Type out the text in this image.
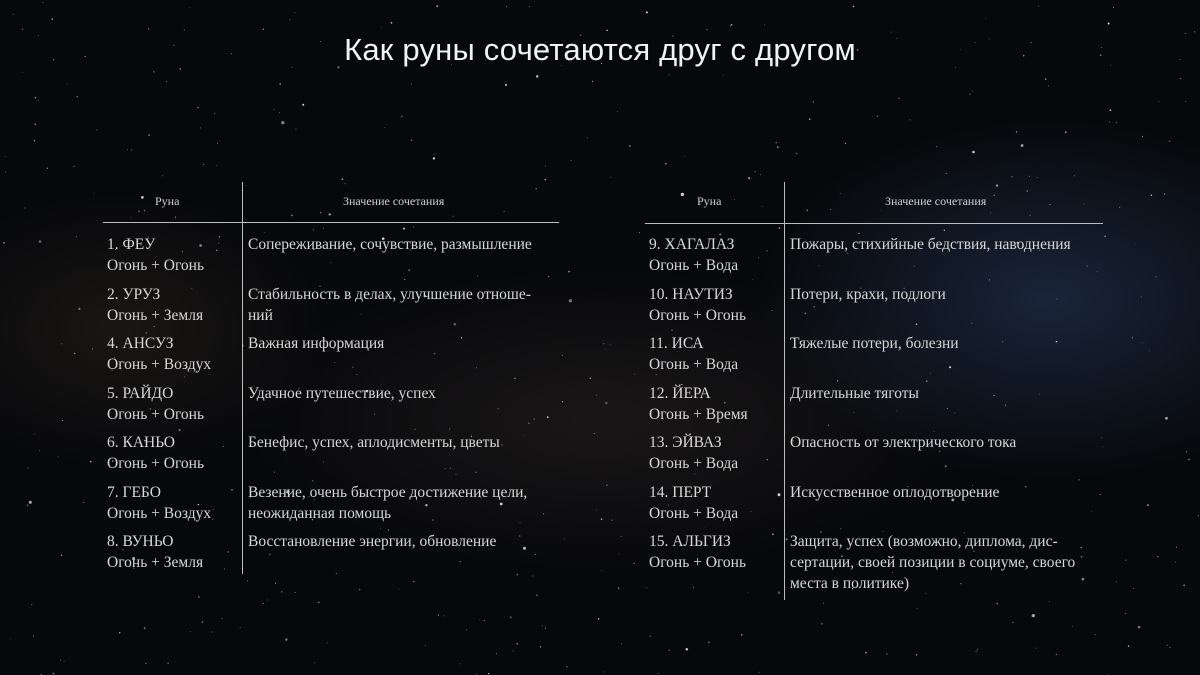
Как руны сочетаются друг с другом
Руна	Значение сочетания
1. ФЕУ
Огонь + Огонь
Сопереживание, сочувствие, размышление
2. УРУЗ
Огонь + Земля
Стабильность в делах, улучшение отноше-
ний
4. АНСУЗ
Огонь + Воздух
Важная информация
5. РАЙДО
Огонь + Огонь
Удачное путешествие, успех
6. КАНЬО
Огонь + Огонь
Бенефис, успех, аплодисменты, цветы
7. ГЕБО
Огонь + Воздух
Везение, очень быстрое достижение цели,
неожиданная помощь
8. ВУНЬО
Огонь + Земля
Восстановление энергии, обновление
Руна	Значение сочетания
9. ХАГАЛАЗ
Огонь + Вода
Пожары, стихийные бедствия, наводнения
10. НАУТИЗ
Огонь + Огонь
Потери, крахи, подлоги
11. ИСА
Огонь + Вода
Тяжелые потери, болезни
12. ЙЕРА
Огонь + Время
Длительные тяготы
13. ЭЙВАЗ
Огонь + Вода
Опасность от электрического тока
14. ПЕРТ
Огонь + Вода
Искусственное оплодотворение
15. АЛЬГИЗ
Огонь + Огонь
Защита, успех (возможно, диплома, дис-
сертации, своей позиции в социуме, своего
места в политике)
